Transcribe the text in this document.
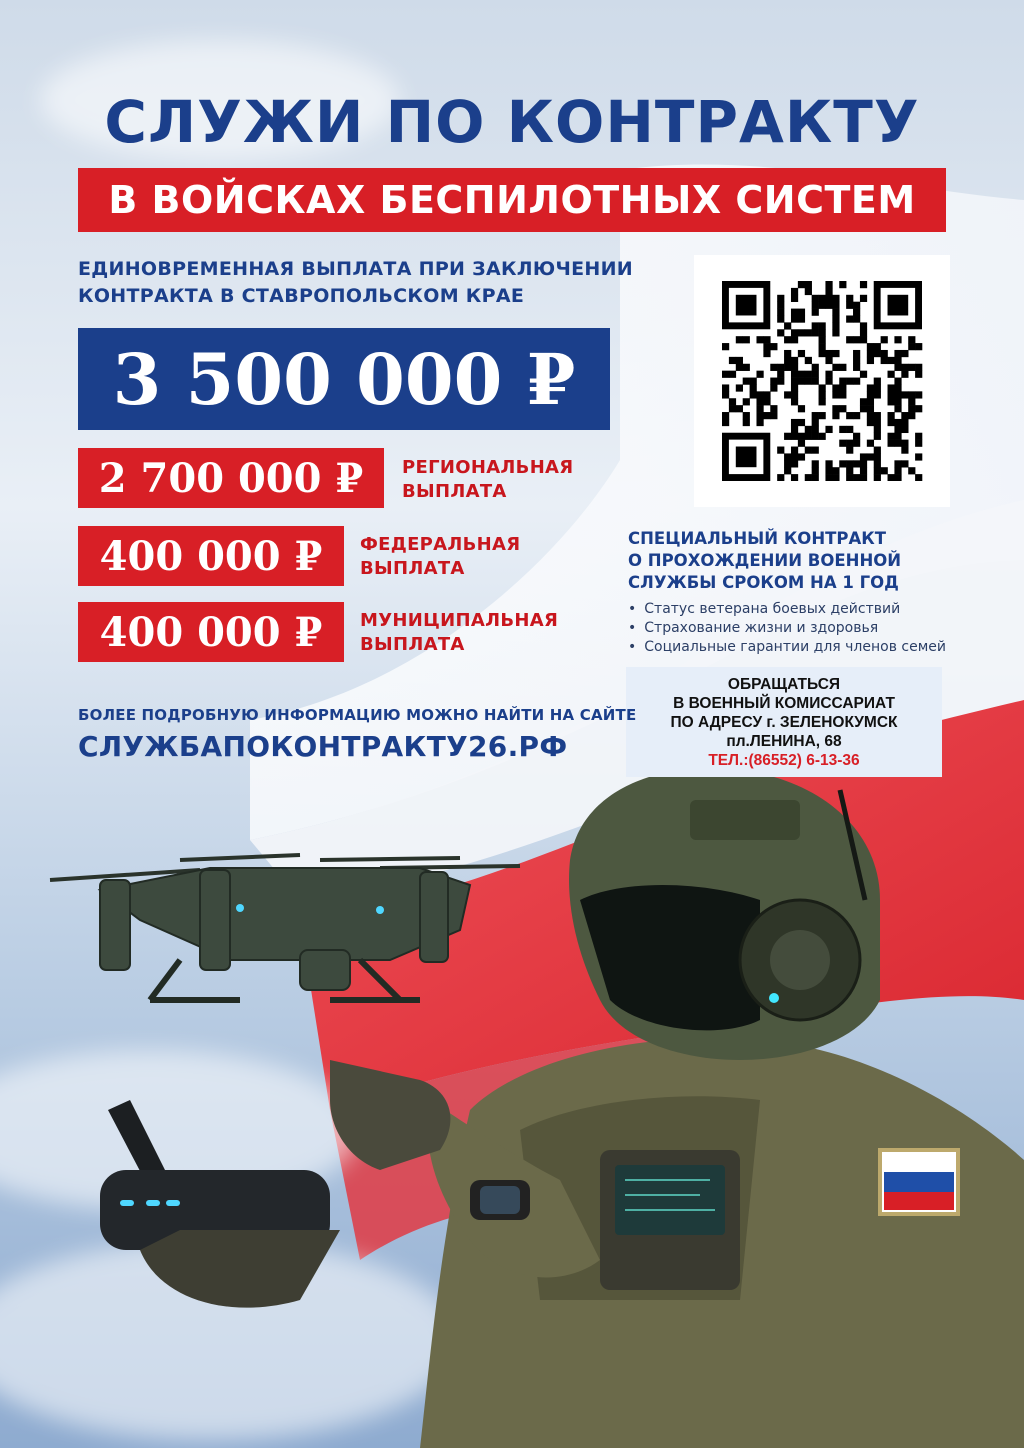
СЛУЖИ ПО КОНТРАКТУ
В ВОЙСКАХ БЕСПИЛОТНЫХ СИСТЕМ
ЕДИНОВРЕМЕННАЯ ВЫПЛАТА ПРИ ЗАКЛЮЧЕНИИ
КОНТРАКТА В СТАВРОПОЛЬСКОМ КРАЕ
3 500 000 ₽
2 700 000 ₽ РЕГИОНАЛЬНАЯ
ВЫПЛАТА
400 000 ₽ ФЕДЕРАЛЬНАЯ
ВЫПЛАТА
400 000 ₽ МУНИЦИПАЛЬНАЯ
ВЫПЛАТА
СПЕЦИАЛЬНЫЙ КОНТРАКТ
О ПРОХОЖДЕНИИ ВОЕННОЙ
СЛУЖБЫ СРОКОМ НА 1 ГОД
• Статус ветерана боевых действий
• Страхование жизни и здоровья
• Социальные гарантии для членов семей
ОБРАЩАТЬСЯ
В ВОЕННЫЙ КОМИССАРИАТ
ПО АДРЕСУ г. ЗЕЛЕНОКУМСК
пл.ЛЕНИНА, 68
ТЕЛ.:(86552) 6-13-36
БОЛЕЕ ПОДРОБНУЮ ИНФОРМАЦИЮ МОЖНО НАЙТИ НА САЙТЕ
СЛУЖБАПОКОНТРАКТУ26.РФ
